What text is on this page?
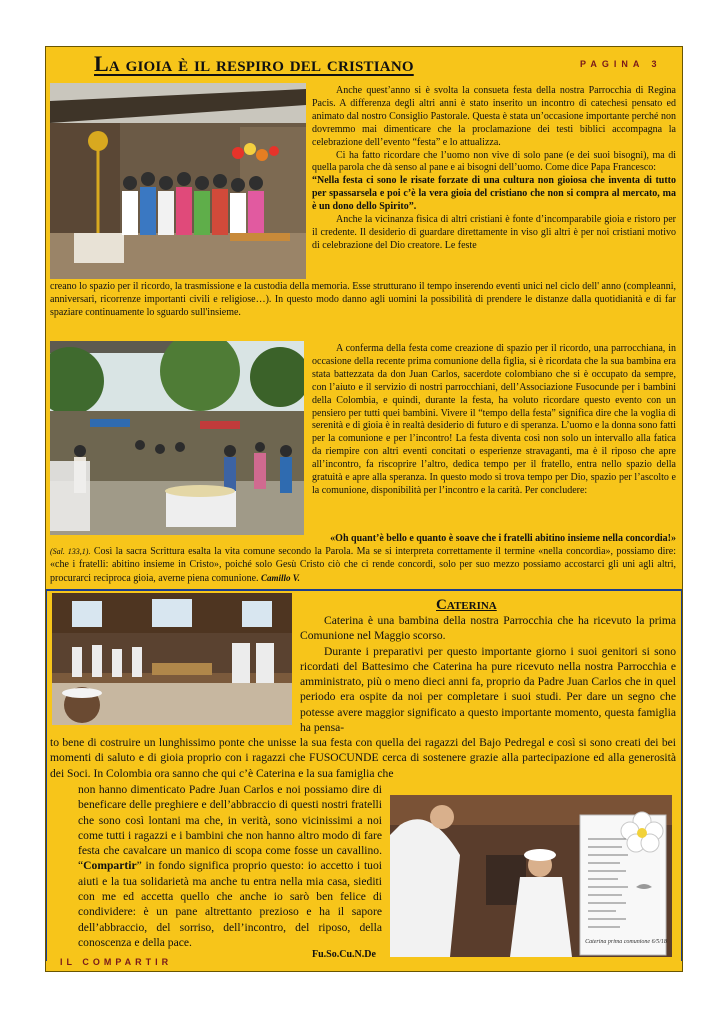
La gioia è il respiro del cristiano	PAGINA 3

Anche quest’anno si è svolta la consueta festa della nostra Parrocchia di Regina Pacis. A differenza degli altri anni è stato inserito un incontro di catechesi pensato ed animato dal nostro Consiglio Pastorale. Questa è stata un’occasione importante perché non dovremmo mai dimenticare che la proclamazione dei testi biblici accompagna la celebrazione dell’evento “festa” e lo attualizza.

Ci ha fatto ricordare che l’uomo non vive di solo pane (e dei suoi bisogni), ma di quella parola che dà senso al pane e ai bisogni dell’uomo. Come dice Papa Francesco:

“Nella festa ci sono le risate forzate di una cultura non gioiosa che inventa di tutto per spassarsela e poi c’è la vera gioia del cristiano che non si compra al mercato, ma è un dono dello Spirito”.

Anche la vicinanza fisica di altri cristiani è fonte d’incomparabile gioia e ristoro per il credente. Il desiderio di guardare direttamente in viso gli altri è per noi cristiani motivo di celebrazione del Dio creatore. Le feste

creano lo spazio per il ricordo, la trasmissione e la custodia della memoria. Esse strutturano il tempo inserendo eventi unici nel ciclo dell' anno (compleanni, anniversari, ricorrenze importanti civili e religiose…). In questo modo danno agli uomini la possibilità di prendere le distanze dalla quotidianità e di far spaziare continuamente lo sguardo sull'insieme.

A conferma della festa come creazione di spazio per il ricordo, una parrocchiana, in occasione della recente prima comunione della figlia, si è ricordata che la sua bambina era stata battezzata da don Juan Carlos, sacerdote colombiano che si è occupato da sempre, con l’aiuto e il servizio di nostri parrocchiani, dell’Associazione Fusocunde per i bambini della Colombia, e quindi, durante la festa, ha voluto ricordare questo evento con un pensiero per tutti quei bambini. Vivere il “tempo della festa” significa dire che la voglia di serenità e di gioia è in realtà desiderio di futuro e di speranza. L’uomo e la donna sono fatti per la comunione e per l’incontro! La festa diventa così non solo un intervallo alla fatica da riempire con altri eventi concitati o esperienze stravaganti, ma è il riposo che apre all’incontro, fa riscoprire l’altro, dedica tempo per il fratello, entra nello spazio della gratuità e apre alla speranza. In questo modo si trova tempo per Dio, spazio per l’ascolto e la comunione, disponibilità per l’incontro e la carità. Per concludere:

«Oh quant’è bello e quanto è soave che i fratelli abitino insieme nella concordia!»

(Sal. 133,1). Così la sacra Scrittura esalta la vita comune secondo la Parola. Ma se si interpreta correttamente il termine «nella concordia», possiamo dire: «che i fratelli: abitino insieme in Cristo», poiché solo Gesù Cristo ciò che ci rende concordi, solo per suo mezzo possiamo accostarci gli uni agli altri, procurarci reciproca gioia, averne piena comunione. Camillo V.

Caterina

Caterina è una bambina della nostra Parrocchia che ha ricevuto la prima Comunione nel Maggio scorso.

Durante i preparativi per questo importante giorno i suoi genitori si sono ricordati del Battesimo che Caterina ha pure ricevuto nella nostra Parrocchia e amministrato, più o meno dieci anni fa, proprio da Padre Juan Carlos che in quel periodo era ospite da noi per completare i suoi studi. Per dare un segno che potesse avere maggior significato a questo importante momento, questa famiglia ha pensa-

to bene di costruire un lunghissimo ponte che unisse la sua festa con quella dei ragazzi del Bajo Pedregal e così si sono creati dei bei momenti di saluto e di gioia proprio con i ragazzi che FUSOCUNDE cerca di sostenere grazie alla partecipazione ed alla generosità dei Soci. In Colombia ora sanno che qui c’è Caterina e la sua famiglia che

non hanno dimenticato Padre Juan Carlos e noi possiamo dire di beneficare delle preghiere e dell’abbraccio di questi nostri fratelli che sono così lontani ma che, in verità, sono vicinissimi a noi come tutti i ragazzi e i bambini che non hanno altro modo di fare festa che cavalcare un manico di scopa come fosse un cavallino. “Compartir” in fondo significa proprio questo: io accetto i tuoi aiuti e la tua solidarietà ma anche tu entra nella mia casa, siediti con me ed accetta quello che anche io sarò ben felice di condividere: è un pane altrettanto prezioso e ha il sapore dell’abbraccio, del sorriso, dell’incontro, del riposo, della conoscenza e della pace.	Caterina prima comunione 6/5/18
Fu.So.Cu.N.De
IL COMPARTIR
